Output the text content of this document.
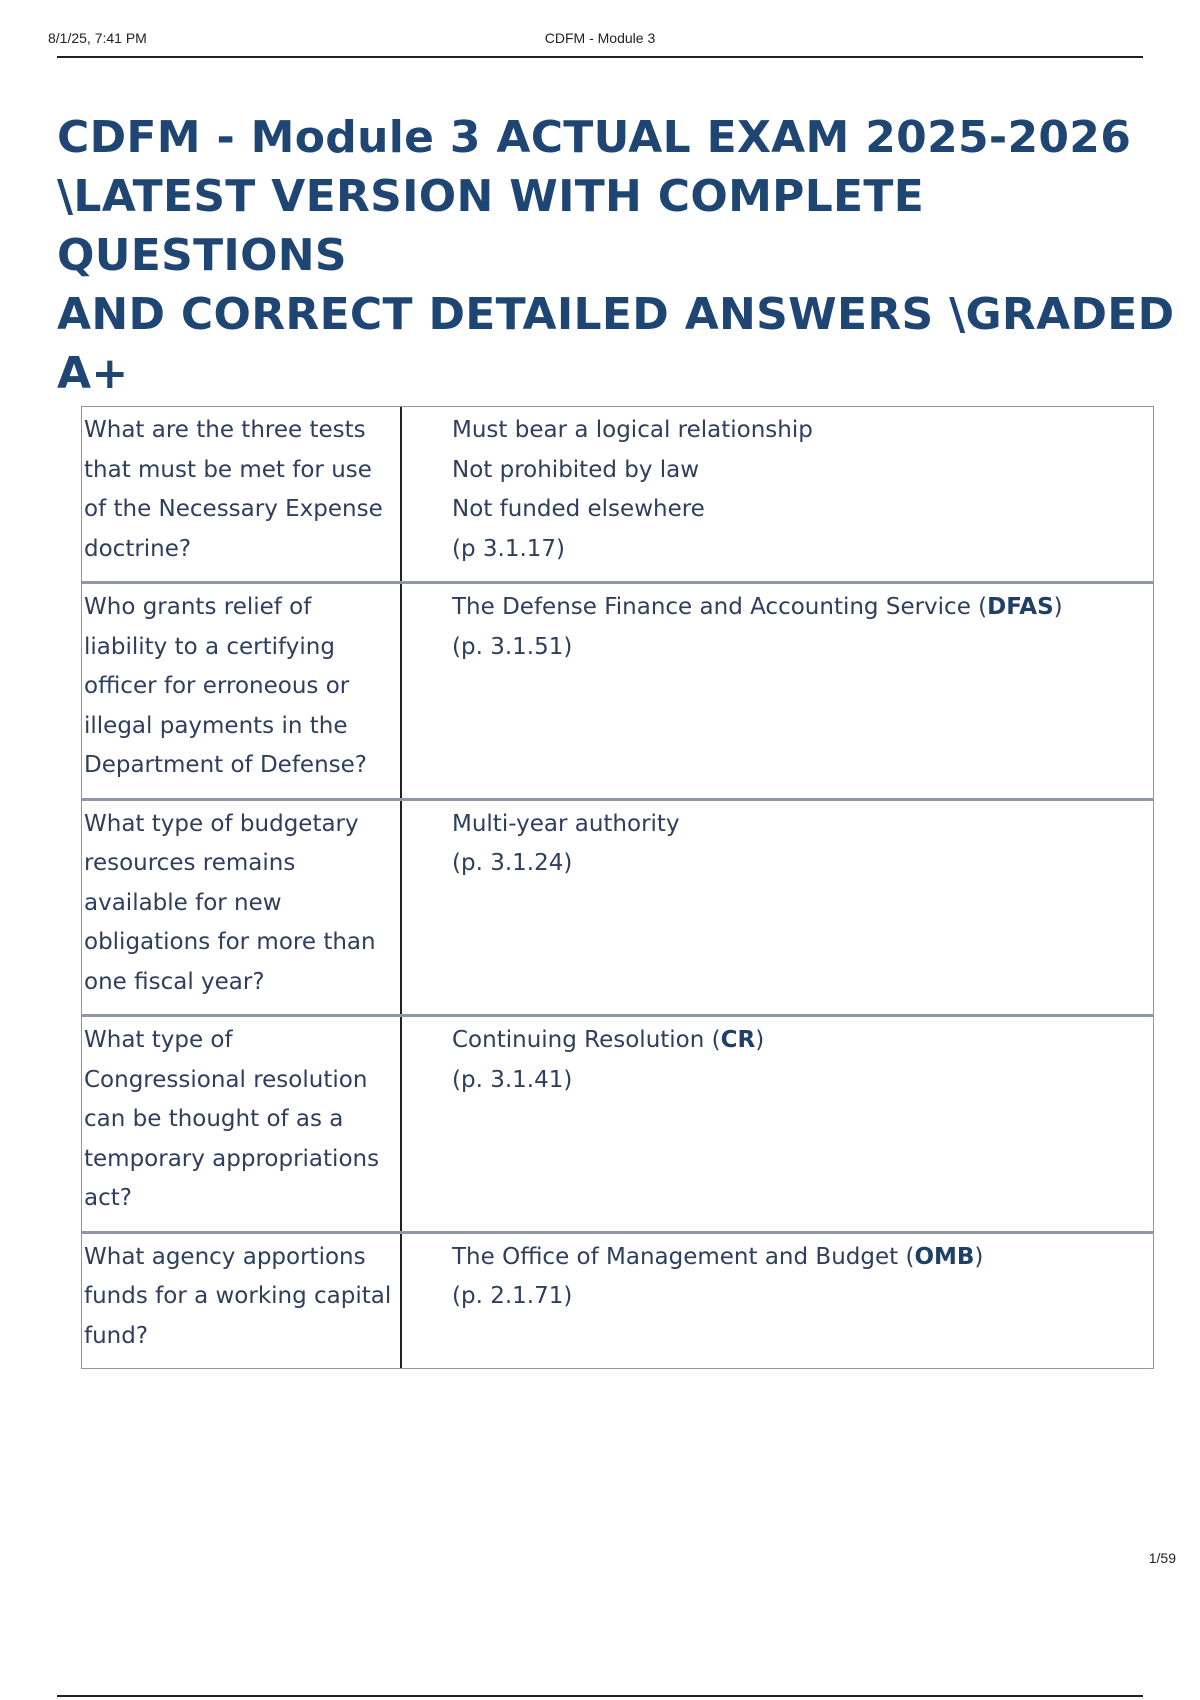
8/1/25, 7:41 PM	CDFM - Module 3
CDFM - Module 3 ACTUAL EXAM 2025-2026
\LATEST VERSION WITH COMPLETE QUESTIONS
AND CORRECT DETAILED ANSWERS \GRADED A+
What are the three tests
that must be met for use
of the Necessary Expense
doctrine?
Must bear a logical relationship
Not prohibited by law
Not funded elsewhere
(p 3.1.17)
Who grants relief of
liability to a certifying
officer for erroneous or
illegal payments in the
Department of Defense?
The Defense Finance and Accounting Service (DFAS)
(p. 3.1.51)
What type of budgetary
resources remains
available for new
obligations for more than
one fiscal year?
Multi-year authority
(p. 3.1.24)
What type of
Congressional resolution
can be thought of as a
temporary appropriations
act?
Continuing Resolution (CR)
(p. 3.1.41)
What agency apportions
funds for a working capital
fund?
The Office of Management and Budget (OMB)
(p. 2.1.71)
1/59
